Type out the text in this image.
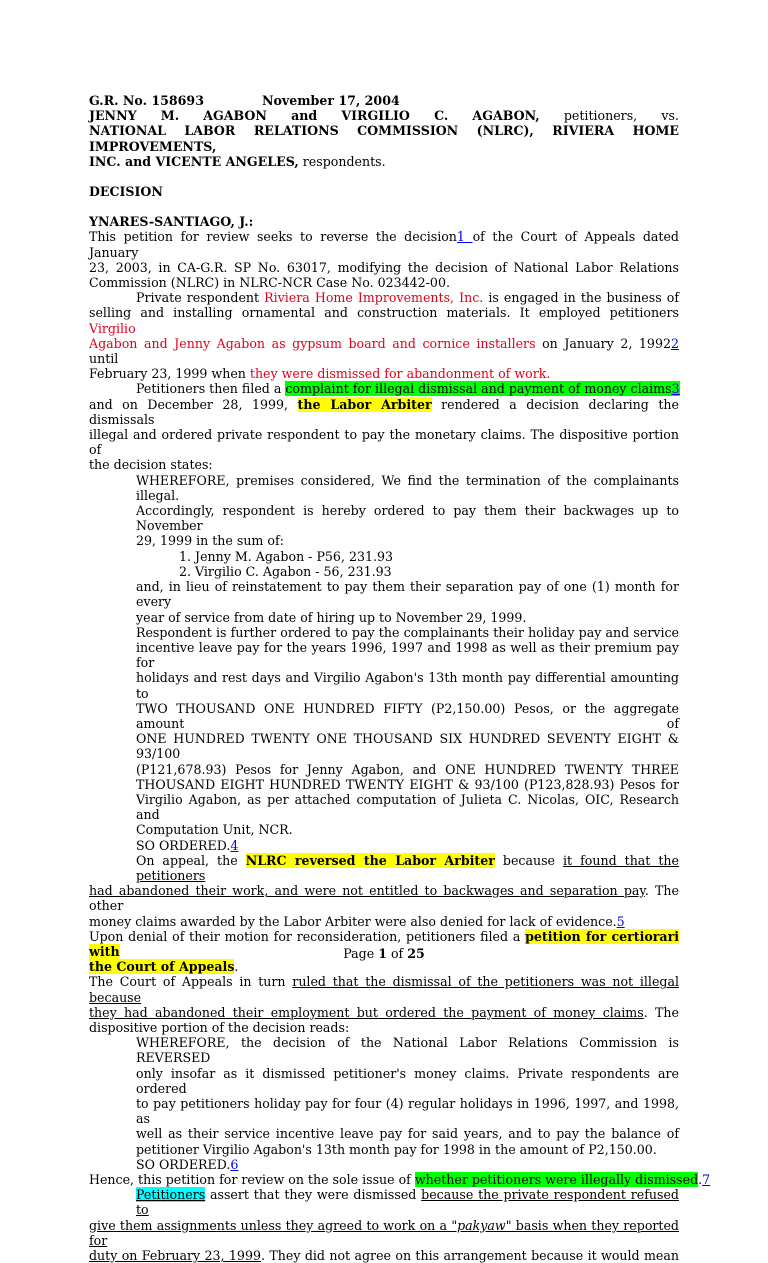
G.R. No. 158693	November 17, 2004
JENNY M. AGABON and VIRGILIO C. AGABON, petitioners, vs.
NATIONAL LABOR RELATIONS COMMISSION (NLRC), RIVIERA HOME IMPROVEMENTS,
INC. and VICENTE ANGELES, respondents.
DECISION
YNARES-SANTIAGO, J.:
This petition for review seeks to reverse the decision1 of the Court of Appeals dated January
23, 2003, in CA-G.R. SP No. 63017, modifying the decision of National Labor Relations
Commission (NLRC) in NLRC-NCR Case No. 023442-00.
Private respondent Riviera Home Improvements, Inc. is engaged in the business of
selling and installing ornamental and construction materials. It employed petitioners Virgilio
Agabon and Jenny Agabon as gypsum board and cornice installers on January 2, 19922 until
February 23, 1999 when they were dismissed for abandonment of work.
Petitioners then filed a complaint for illegal dismissal and payment of money claims3
and on December 28, 1999, the Labor Arbiter rendered a decision declaring the dismissals
illegal and ordered private respondent to pay the monetary claims. The dispositive portion of
the decision states:
WHEREFORE, premises considered, We find the termination of the complainants illegal.
Accordingly, respondent is hereby ordered to pay them their backwages up to November
29, 1999 in the sum of:
1. Jenny M. Agabon - P56, 231.93
2. Virgilio C. Agabon - 56, 231.93
and, in lieu of reinstatement to pay them their separation pay of one (1) month for every
year of service from date of hiring up to November 29, 1999.
Respondent is further ordered to pay the complainants their holiday pay and service
incentive leave pay for the years 1996, 1997 and 1998 as well as their premium pay for
holidays and rest days and Virgilio Agabon's 13th month pay differential amounting to
TWO THOUSAND ONE HUNDRED FIFTY (P2,150.00) Pesos, or the aggregate amount of
ONE HUNDRED TWENTY ONE THOUSAND SIX HUNDRED SEVENTY EIGHT & 93/100
(P121,678.93) Pesos for Jenny Agabon, and ONE HUNDRED TWENTY THREE
THOUSAND EIGHT HUNDRED TWENTY EIGHT & 93/100 (P123,828.93) Pesos for
Virgilio Agabon, as per attached computation of Julieta C. Nicolas, OIC, Research and
Computation Unit, NCR.
SO ORDERED.4
On appeal, the NLRC reversed the Labor Arbiter because it found that the petitioners
had abandoned their work, and were not entitled to backwages and separation pay. The other
money claims awarded by the Labor Arbiter were also denied for lack of evidence.5
Upon denial of their motion for reconsideration, petitioners filed a petition for certiorari with
the Court of Appeals.
The Court of Appeals in turn ruled that the dismissal of the petitioners was not illegal because
they had abandoned their employment but ordered the payment of money claims. The
dispositive portion of the decision reads:
WHEREFORE, the decision of the National Labor Relations Commission is REVERSED
only insofar as it dismissed petitioner's money claims. Private respondents are ordered
to pay petitioners holiday pay for four (4) regular holidays in 1996, 1997, and 1998, as
well as their service incentive leave pay for said years, and to pay the balance of
petitioner Virgilio Agabon's 13th month pay for 1998 in the amount of P2,150.00.
SO ORDERED.6
Hence, this petition for review on the sole issue of whether petitioners were illegally dismissed.7
Petitioners assert that they were dismissed because the private respondent refused to
give them assignments unless they agreed to work on a "pakyaw" basis when they reported for
duty on February 23, 1999. They did not agree on this arrangement because it would mean
Page 1 of 25
